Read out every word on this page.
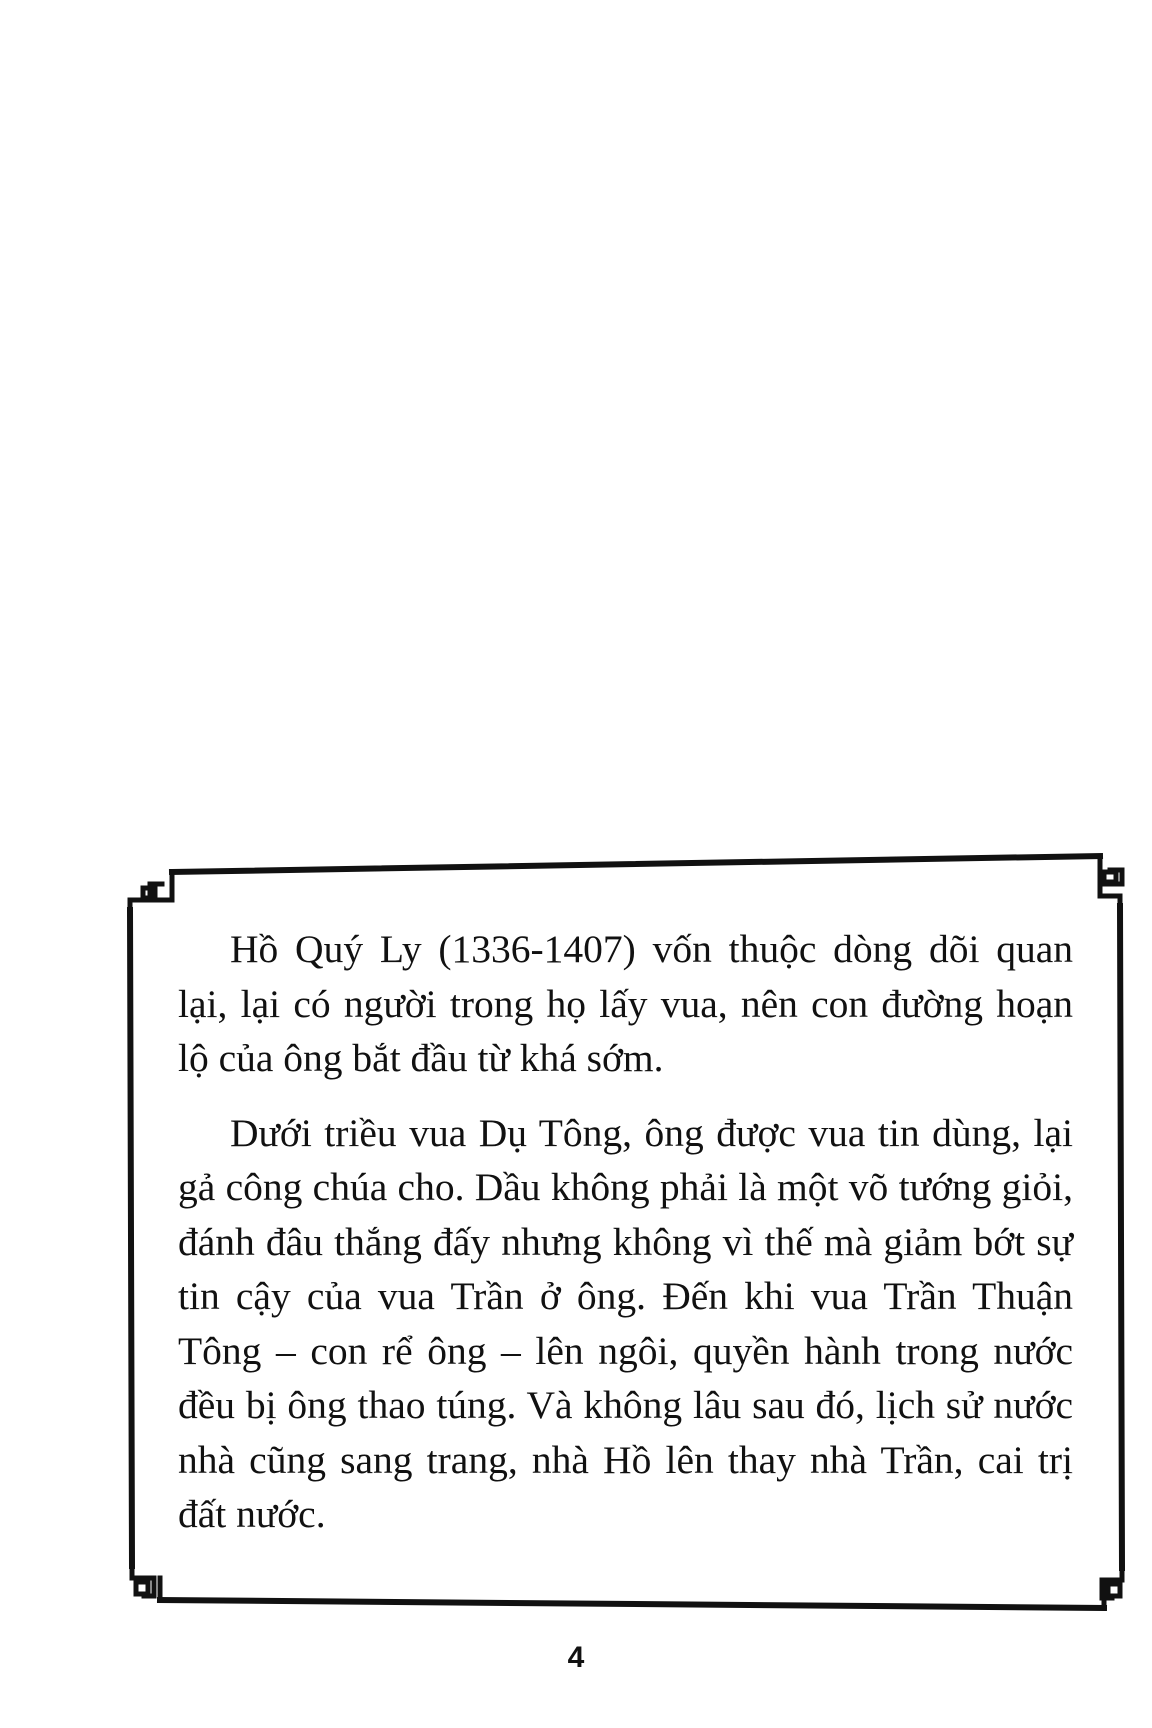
Hồ Quý Ly (1336-1407) vốn thuộc dòng dõi quan lại, lại có người trong họ lấy vua, nên con đường hoạn lộ của ông bắt đầu từ khá sớm.

Dưới triều vua Dụ Tông, ông được vua tin dùng, lại gả công chúa cho. Dầu không phải là một võ tướng giỏi, đánh đâu thắng đấy nhưng không vì thế mà giảm bớt sự tin cậy của vua Trần ở ông. Đến khi vua Trần Thuận Tông – con rể ông – lên ngôi, quyền hành trong nước đều bị ông thao túng. Và không lâu sau đó, lịch sử nước nhà cũng sang trang, nhà Hồ lên thay nhà Trần, cai trị đất nước.

4
